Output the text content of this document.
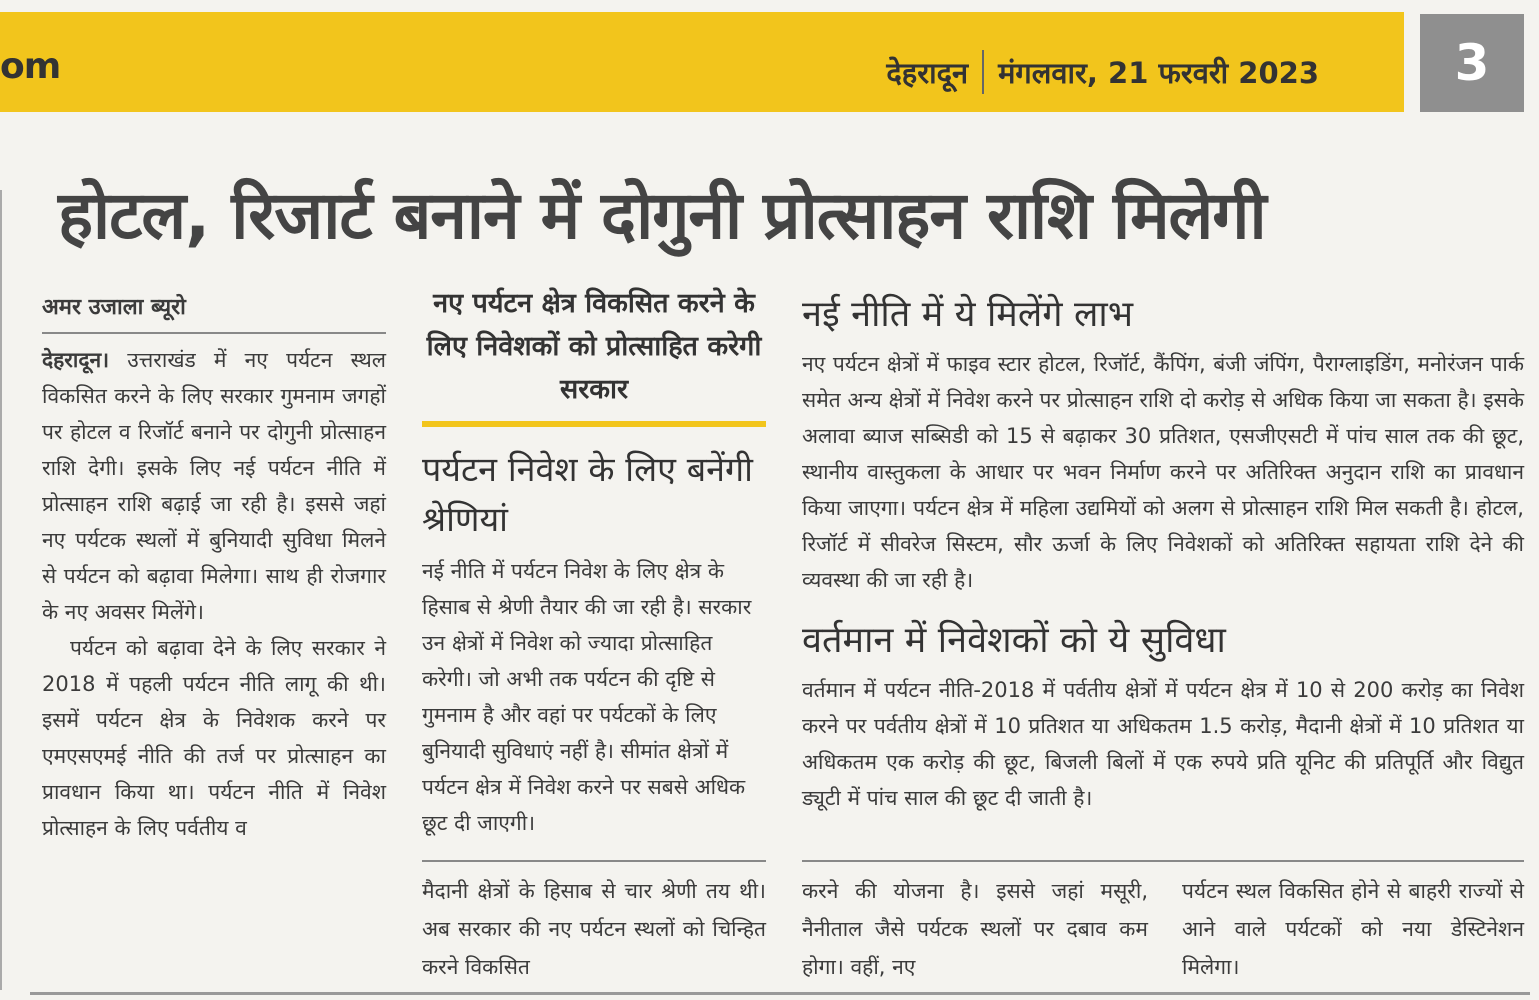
om	देहरादून मंगलवार, 21 फरवरी 2023	3
होटल, रिजार्ट बनाने में दोगुनी प्रोत्साहन राशि मिलेगी
अमर उजाला ब्यूरो

देहरादून। उत्तराखंड में नए पर्यटन स्थल विकसित करने के लिए सरकार गुमनाम जगहों पर होटल व रिजॉर्ट बनाने पर दोगुनी प्रोत्साहन राशि देगी। इसके लिए नई पर्यटन नीति में प्रोत्साहन राशि बढ़ाई जा रही है। इससे जहां नए पर्यटक स्थलों में बुनियादी सुविधा मिलने से पर्यटन को बढ़ावा मिलेगा। साथ ही रोजगार के नए अवसर मिलेंगे।

पर्यटन को बढ़ावा देने के लिए सरकार ने 2018 में पहली पर्यटन नीति लागू की थी। इसमें पर्यटन क्षेत्र के निवेशक करने पर एमएसएमई नीति की तर्ज पर प्रोत्साहन का प्रावधान किया था। पर्यटन नीति में निवेश प्रोत्साहन के लिए पर्वतीय व

नए पर्यटन क्षेत्र विकसित करने के लिए निवेशकों को प्रोत्साहित करेगी सरकार
पर्यटन निवेश के लिए बनेंगी श्रेणियां

नई नीति में पर्यटन निवेश के लिए क्षेत्र के हिसाब से श्रेणी तैयार की जा रही है। सरकार उन क्षेत्रों में निवेश को ज्यादा प्रोत्साहित करेगी। जो अभी तक पर्यटन की दृष्टि से गुमनाम है और वहां पर पर्यटकों के लिए बुनियादी सुविधाएं नहीं है। सीमांत क्षेत्रों में पर्यटन क्षेत्र में निवेश करने पर सबसे अधिक छूट दी जाएगी।

नई नीति में ये मिलेंगे लाभ

नए पर्यटन क्षेत्रों में फाइव स्टार होटल, रिजॉर्ट, कैंपिंग, बंजी जंपिंग, पैराग्लाइडिंग, मनोरंजन पार्क समेत अन्य क्षेत्रों में निवेश करने पर प्रोत्साहन राशि दो करोड़ से अधिक किया जा सकता है। इसके अलावा ब्याज सब्सिडी को 15 से बढ़ाकर 30 प्रतिशत, एसजीएसटी में पांच साल तक की छूट, स्थानीय वास्तुकला के आधार पर भवन निर्माण करने पर अतिरिक्त अनुदान राशि का प्रावधान किया जाएगा। पर्यटन क्षेत्र में महिला उद्यमियों को अलग से प्रोत्साहन राशि मिल सकती है। होटल, रिजॉर्ट में सीवरेज सिस्टम, सौर ऊर्जा के लिए निवेशकों को अतिरिक्त सहायता राशि देने की व्यवस्था की जा रही है।

वर्तमान में निवेशकों को ये सुविधा

वर्तमान में पर्यटन नीति-2018 में पर्वतीय क्षेत्रों में पर्यटन क्षेत्र में 10 से 200 करोड़ का निवेश करने पर पर्वतीय क्षेत्रों में 10 प्रतिशत या अधिकतम 1.5 करोड़, मैदानी क्षेत्रों में 10 प्रतिशत या अधिकतम एक करोड़ की छूट, बिजली बिलों में एक रुपये प्रति यूनिट की प्रतिपूर्ति और विद्युत ड्यूटी में पांच साल की छूट दी जाती है।

मैदानी क्षेत्रों के हिसाब से चार श्रेणी तय थी। अब सरकार की नए पर्यटन स्थलों को चिन्हित करने विकसित
करने की योजना है। इससे जहां मसूरी, नैनीताल जैसे पर्यटक स्थलों पर दबाव कम होगा। वहीं, नए
पर्यटन स्थल विकसित होने से बाहरी राज्यों से आने वाले पर्यटकों को नया डेस्टिनेशन मिलेगा।
